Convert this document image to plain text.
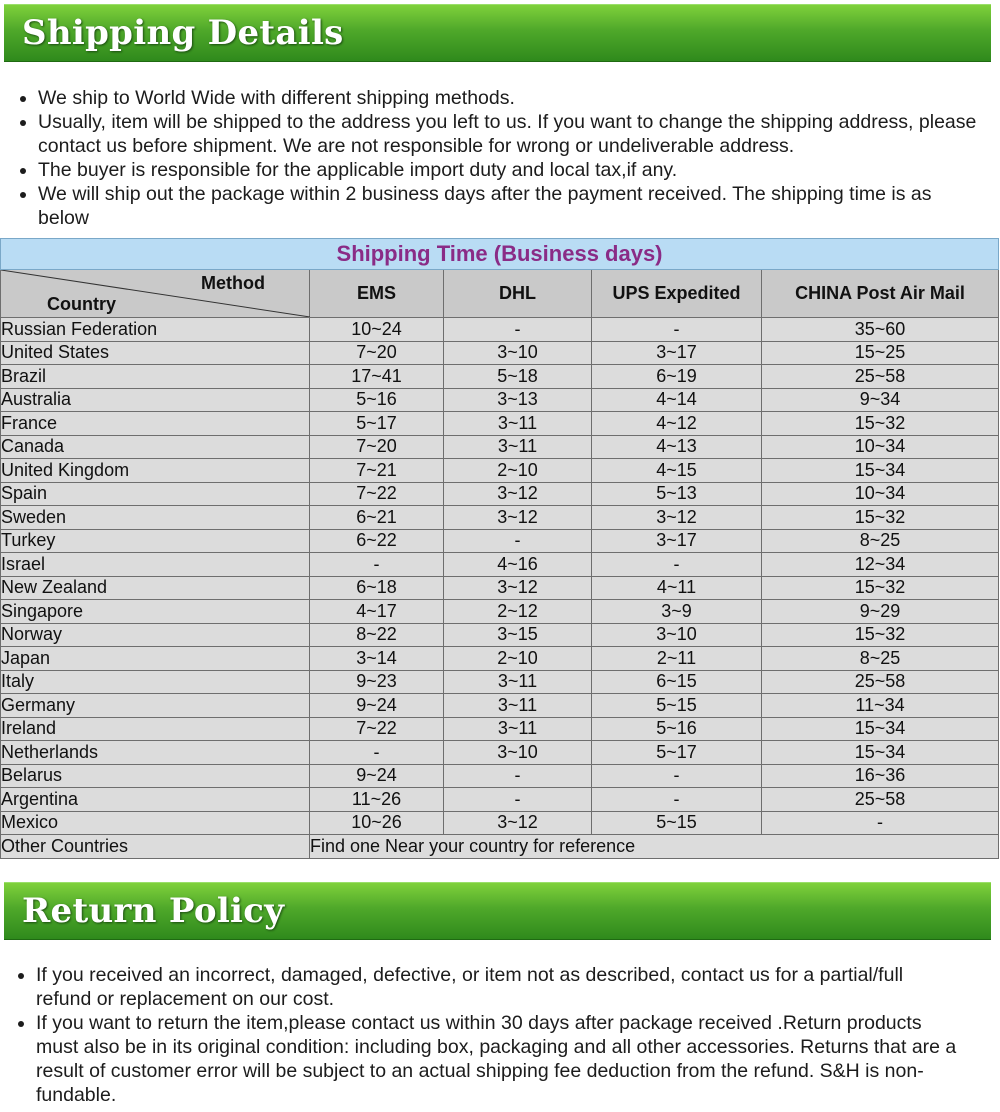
Shipping Details
We ship to World Wide with different shipping methods.
Usually, item will be shipped to the address you left to us. If you want to change the shipping address, please contact us before shipment. We are not responsible for wrong or undeliverable address.
The buyer is responsible for the applicable import duty and local tax,if any.
We will ship out the package within 2 business days after the payment received. The shipping time is as below
Shipping Time (Business days)				

Method
Country	EMS	DHL	UPS Expedited	CHINA Post Air Mail
Russian Federation	10~24	-	-	35~60
United States	7~20	3~10	3~17	15~25
Brazil	17~41	5~18	6~19	25~58
Australia	5~16	3~13	4~14	9~34
France	5~17	3~11	4~12	15~32
Canada	7~20	3~11	4~13	10~34
United Kingdom	7~21	2~10	4~15	15~34
Spain	7~22	3~12	5~13	10~34
Sweden	6~21	3~12	3~12	15~32
Turkey	6~22	-	3~17	8~25
Israel	-	4~16	-	12~34
New Zealand	6~18	3~12	4~11	15~32
Singapore	4~17	2~12	3~9	9~29
Norway	8~22	3~15	3~10	15~32
Japan	3~14	2~10	2~11	8~25
Italy	9~23	3~11	6~15	25~58
Germany	9~24	3~11	5~15	11~34
Ireland	7~22	3~11	5~16	15~34
Netherlands	-	3~10	5~17	15~34
Belarus	9~24	-	-	16~36
Argentina	11~26	-	-	25~58
Mexico	10~26	3~12	5~15	-
Other Countries	Find one Near your country for reference			
Return Policy
If you received an incorrect, damaged, defective, or item not as described, contact us for a partial/full refund or replacement on our cost.
If you want to return the item,please contact us within 30 days after package received .Return products must also be in its original condition: including box, packaging and all other accessories. Returns that are a result of customer error will be subject to an actual shipping fee deduction from the refund. S&H is non-fundable.
